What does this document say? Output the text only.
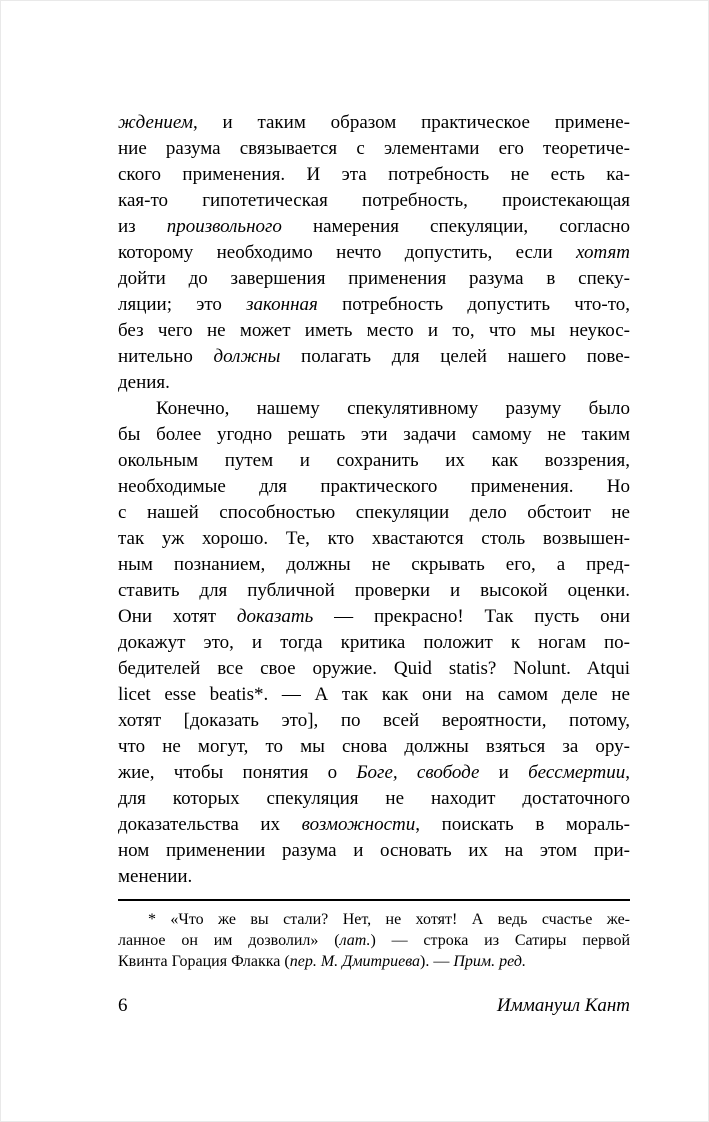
ждением, и таким образом практическое примене-
ние разума связывается с элементами его теоретиче-
ского применения. И эта потребность не есть ка-
кая-то гипотетическая потребность, проистекающая
из произвольного намерения спекуляции, согласно
которому необходимо нечто допустить, если хотят
дойти до завершения применения разума в спеку-
ляции; это законная потребность допустить что-то,
без чего не может иметь место и то, что мы неукос-
нительно должны полагать для целей нашего пове-
дения.
Конечно, нашему спекулятивному разуму было
бы более угодно решать эти задачи самому не таким
окольным путем и сохранить их как воззрения,
необходимые для практического применения. Но
с нашей способностью спекуляции дело обстоит не
так уж хорошо. Те, кто хвастаются столь возвышен-
ным познанием, должны не скрывать его, а пред-
ставить для публичной проверки и высокой оценки.
Они хотят доказать — прекрасно! Так пусть они
докажут это, и тогда критика положит к ногам по-
бедителей все свое оружие. Quid statis? Nolunt. Atqui
licet esse beatis*. — А так как они на самом деле не
хотят [доказать это], по всей вероятности, потому,
что не могут, то мы снова должны взяться за ору-
жие, чтобы понятия о Боге, свободе и бессмертии,
для которых спекуляция не находит достаточного
доказательства их возможности, поискать в мораль-
ном применении разума и основать их на этом при-
менении.
* «Что же вы стали? Нет, не хотят! А ведь счастье же-
ланное он им дозволил» (лат.) — строка из Сатиры первой
Квинта Горация Флакка (пер. М. Дмитриева). — Прим. ред.
6	Иммануил Кант
